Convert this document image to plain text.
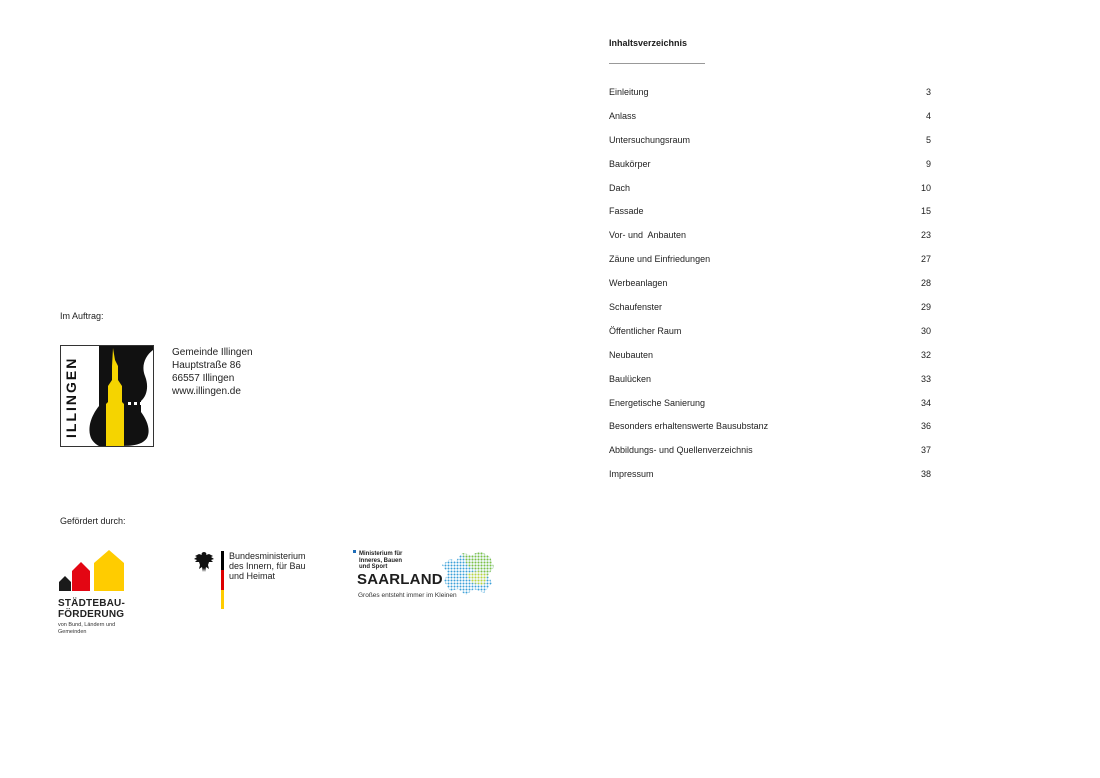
Im Auftrag:
ILLINGEN
Gemeinde Illingen
Hauptstraße 86
66557 Illingen
www.illingen.de
Gefördert durch:
STÄDTEBAU-
FÖRDERUNG
von Bund, Ländern und
Gemeinden
Bundesministerium
des Innern, für Bau
und Heimat
Ministerium für
Inneres, Bauen
und Sport
SAARLAND
Großes entsteht immer im Kleinen
Inhaltsverzeichnis
Einleitung	3
Anlass	4
Untersuchungsraum	5
Baukörper	9
Dach	10
Fassade	15
Vor- und  Anbauten	23
Zäune und Einfriedungen	27
Werbeanlagen	28
Schaufenster	29
Öffentlicher Raum	30
Neubauten	32
Baulücken	33
Energetische Sanierung	34
Besonders erhaltenswerte Bausubstanz	36
Abbildungs- und Quellenverzeichnis	37
Impressum	38
